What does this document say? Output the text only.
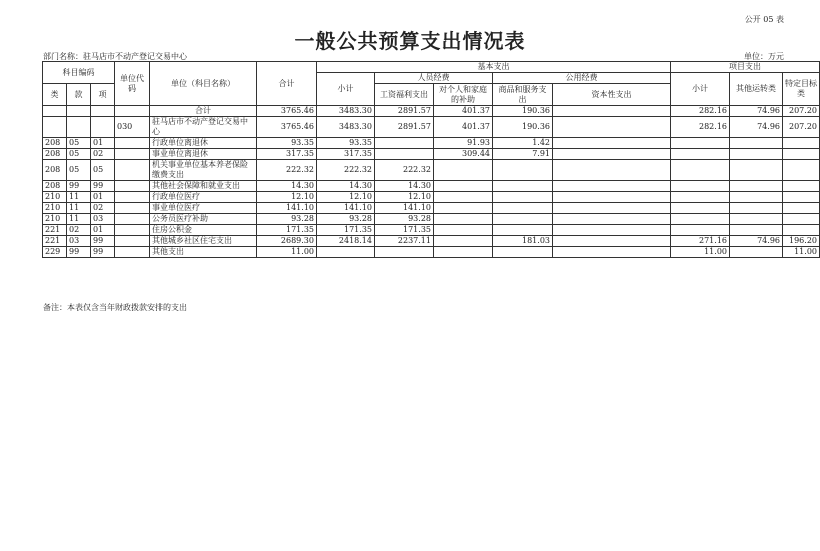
公开 05 表
一般公共预算支出情况表
部门名称：驻马店市不动产登记交易中心	单位：万元
科目编码			单位代码	单位（科目名称）	合计	基本支出					项目支出		
						小计	人员经费		公用经费		小计	其他运转类	特定目标类
类	款	项					工资福利支出	对个人和家庭的补助	商品和服务支出	资本性支出			

				合计	3765.46	3483.30	2891.57	401.37	190.36		282.16	74.96	207.20
			030	驻马店市不动产登记交易中心	3765.46	3483.30	2891.57	401.37	190.36		282.16	74.96	207.20
208	05	01		行政单位离退休	93.35	93.35		91.93	1.42				
208	05	02		事业单位离退休	317.35	317.35		309.44	7.91				
208	05	05		机关事业单位基本养老保险缴费支出	222.32	222.32	222.32						
208	99	99		其他社会保障和就业支出	14.30	14.30	14.30						
210	11	01		行政单位医疗	12.10	12.10	12.10						
210	11	02		事业单位医疗	141.10	141.10	141.10						
210	11	03		公务员医疗补助	93.28	93.28	93.28						
221	02	01		住房公积金	171.35	171.35	171.35						
221	03	99		其他城乡社区住宅支出	2689.30	2418.14	2237.11		181.03		271.16	74.96	196.20
229	99	99		其他支出	11.00						11.00		11.00
备注：本表仅含当年财政拨款安排的支出
